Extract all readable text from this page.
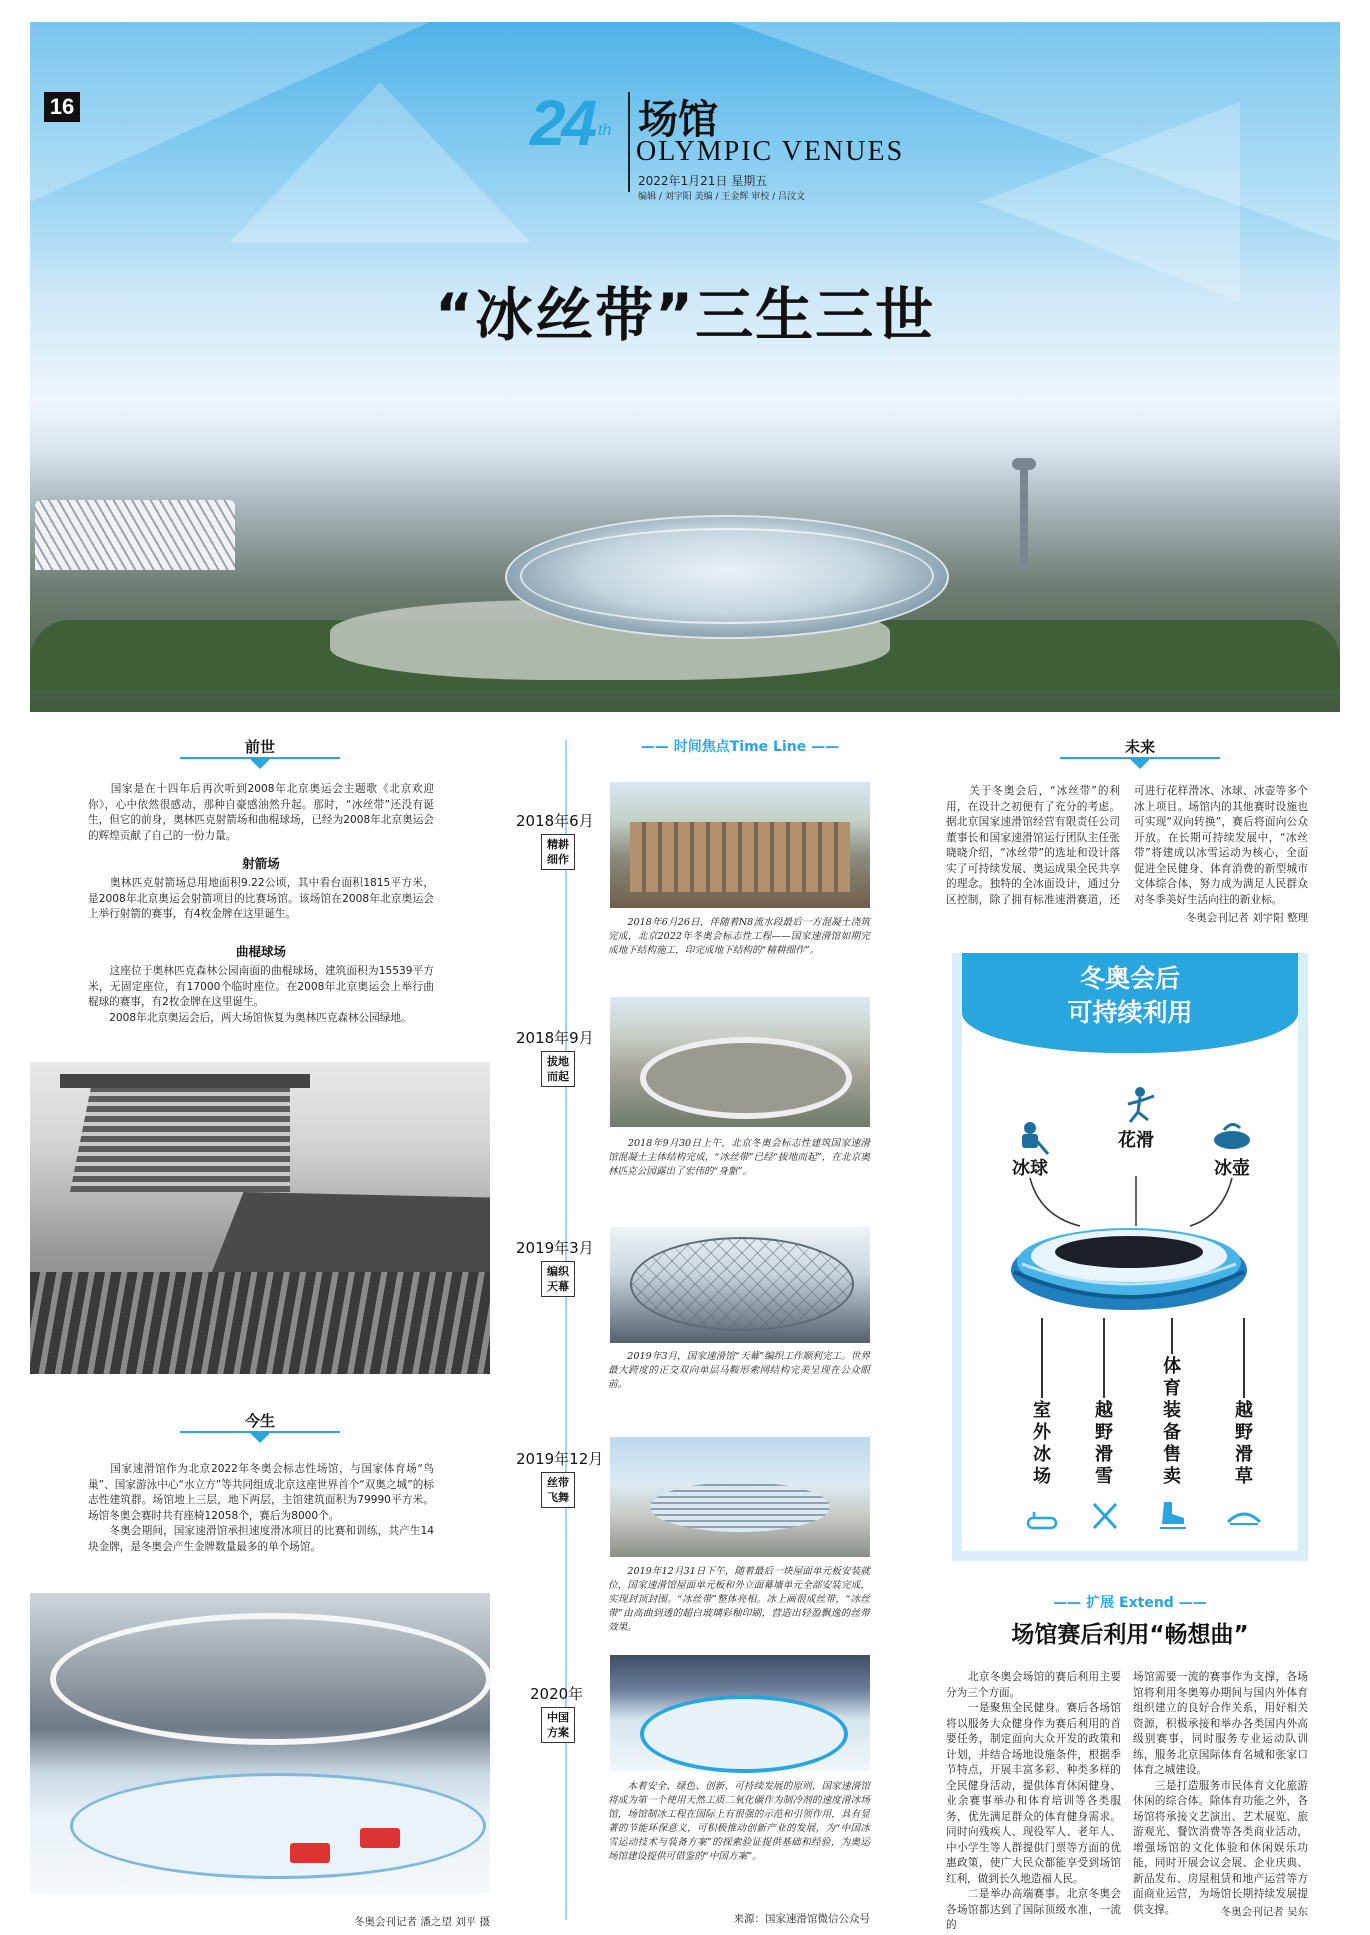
16	24 th 场馆
OLYMPIC VENUES
2022年1月21日 星期五
编辑 / 刘宇阳 美编 / 王金辉 审校 / 吕汶文
“冰丝带”三生三世
前世
　　国家是在十四年后再次听到2008年北京奥运会主题歌《北京欢迎你》，心中依然很感动，那种自豪感油然升起。那时，“冰丝带”还没有诞生，但它的前身，奥林匹克射箭场和曲棍球场，已经为2008年北京奥运会的辉煌贡献了自己的一份力量。
射箭场
　　奥林匹克射箭场总用地面积9.22公顷，其中看台面积1815平方米，是2008年北京奥运会射箭项目的比赛场馆。该场馆在2008年北京奥运会上举行射箭的赛事，有4枚金牌在这里诞生。
曲棍球场
　　这座位于奥林匹克森林公园南面的曲棍球场，建筑面积为15539平方米，无固定座位，有17000个临时座位。在2008年北京奥运会上举行曲棍球的赛事，有2枚金牌在这里诞生。
　　2008年北京奥运会后，两大场馆恢复为奥林匹克森林公园绿地。
今生
　　国家速滑馆作为北京2022年冬奥会标志性场馆，与国家体育场“鸟巢”、国家游泳中心“水立方”等共同组成北京这座世界首个“双奥之城”的标志性建筑群。场馆地上三层，地下两层，主馆建筑面积为79990平方米。场馆冬奥会赛时共有座椅12058个，赛后为8000个。
　　冬奥会期间，国家速滑馆承担速度滑冰项目的比赛和训练，共产生14块金牌，是冬奥会产生金牌数量最多的单个场馆。
冬奥会刊记者 潘之望 刘平 摄
—— 时间焦点Time Line ——
2018年6月
精耕细作
　　2018年6月26日，伴随着N8流水段最后一方混凝土浇筑完成，北京2022年冬奥会标志性工程——国家速滑馆如期完成地下结构施工，印完成地下结构的“精耕细作”。
2018年9月
拔地而起
　　2018年9月30日上午，北京冬奥会标志性建筑国家速滑馆混凝土主体结构完成，“冰丝带”已经“拔地而起”，在北京奥林匹克公园露出了宏伟的“身躯”。
2019年3月
编织天幕
　　2019年3月，国家速滑馆“天幕”编织工作顺利完工。世界最大跨度的正交双向单层马鞍形索网结构完美呈现在公众眼前。
2019年12月
丝带飞舞
　　2019年12月31日下午，随着最后一块屋面单元板安装就位，国家速滑馆屋面单元板和外立面幕墙单元全部安装完成，实现封顶封围。“冰丝带”整体亮相。冰上画很成丝带，“冰丝带”由高曲到透的超白玻璃彩釉印刷，营造出轻盈飘逸的丝带效果。
2020年
中国方案
　　本着安全、绿色、创新、可持续发展的原则，国家速滑馆将成为第一个使用天然工质二氧化碳作为制冷剂的速度滑冰场馆，场馆制冰工程在国际上有很强的示范和引领作用，具有显著的节能环保意义，可积极推动创新产业的发展，为“中国冰雪运动技术与装备方案”的探索验证提供基础和经验，为奥运场馆建设提供可借鉴的“中国方案”。
来源：国家速滑馆微信公众号
未来
　　关于冬奥会后，“冰丝带”的利用，在设计之初便有了充分的考虑。据北京国家速滑馆经营有限责任公司董事长和国家速滑馆运行团队主任张晓晓介绍，“冰丝带”的选址和设计落实了可持续发展、奥运成果全民共享的理念。独特的全冰面设计，通过分区控制，除了拥有标准速滑赛道，还可进行花样滑冰、冰球、冰壶等多个冰上项目。场馆内的其他赛时设施也可实现“双向转换”，赛后将面向公众开放。在长期可持续发展中，“冰丝带”将建成以冰雪运动为核心，全面促进全民健身、体育消费的新型城市文体综合体，努力成为满足人民群众对冬季美好生活向往的新业标。
冬奥会刊记者 刘宇阳 整理
冬奥会后
可持续利用
冰球
花滑
冰壶
室外冰场
越野滑雪
体育装备售卖
越野滑草
—— 扩展 Extend ——
场馆赛后利用“畅想曲”
　　北京冬奥会场馆的赛后利用主要分为三个方面。
　　一是聚焦全民健身。赛后各场馆将以服务大众健身作为赛后利用的首要任务，制定面向大众开发的政策和计划，并结合场地设施条件，根据季节特点，开展丰富多彩、种类多样的全民健身活动，提供体育休闲健身、业余赛事举办和体育培训等各类服务，优先满足群众的体育健身需求。同时向残疾人、现役军人、老年人、中小学生等人群提供门票等方面的优惠政策，使广大民众都能享受到场馆红利，做到长久地造福人民。
　　二是举办高端赛事。北京冬奥会各场馆都达到了国际顶级水准，一流的
场馆需要一流的赛事作为支撑，各场馆将利用冬奥筹办期间与国内外体育组织建立的良好合作关系，用好相关资源，积极承接和举办各类国内外高级别赛事，同时服务专业运动队训练，服务北京国际体育名城和张家口体育之城建设。
　　三是打造服务市民体育文化旅游休闲的综合体。除体育功能之外，各场馆将承接文艺演出、艺术展览、旅游观光、餐饮消费等各类商业活动，增强场馆的文化体验和休闲娱乐功能，同时开展会议会展、企业庆典、新品发布、房屋租赁和地产运营等方面商业运营，为场馆长期持续发展提供支撑。	冬奥会刊记者 吴东
